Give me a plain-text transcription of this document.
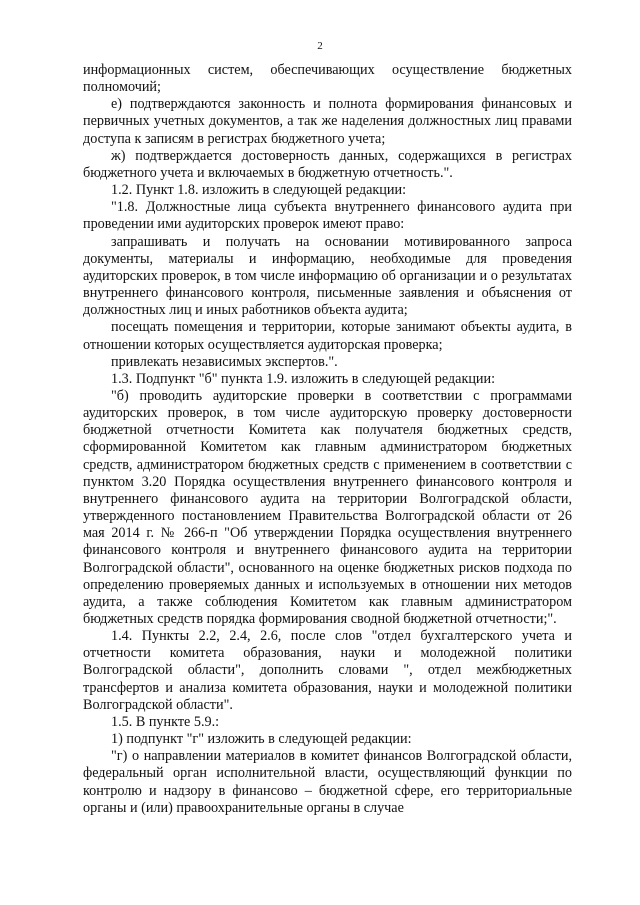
2

информационных систем, обеспечивающих осуществление бюджетных полномочий;

е) подтверждаются законность и полнота формирования финансовых и первичных учетных документов, а так же наделения должностных лиц правами доступа к записям в регистрах бюджетного учета;

ж) подтверждается достоверность данных, содержащихся в регистрах бюджетного учета и включаемых в бюджетную отчетность.".

1.2. Пункт 1.8. изложить в следующей редакции:

"1.8. Должностные лица субъекта внутреннего финансового аудита при проведении ими аудиторских проверок имеют право:

запрашивать и получать на основании мотивированного запроса документы, материалы и информацию, необходимые для проведения аудиторских проверок, в том числе информацию об организации и о результатах внутреннего финансового контроля, письменные заявления и объяснения от должностных лиц и иных работников объекта аудита;

посещать помещения и территории, которые занимают объекты аудита, в отношении которых осуществляется аудиторская проверка;

привлекать независимых экспертов.".

1.3. Подпункт "б" пункта 1.9. изложить в следующей редакции:

"б) проводить аудиторские проверки в соответствии с программами аудиторских проверок, в том числе аудиторскую проверку достоверности бюджетной отчетности Комитета как получателя бюджетных средств, сформированной Комитетом как главным администратором бюджетных средств, администратором бюджетных средств с применением в соответствии с пунктом 3.20 Порядка осуществления внутреннего финансового контроля и внутреннего финансового аудита на территории Волгоградской области, утвержденного постановлением Правительства Волгоградской области от 26 мая 2014 г. № 266-п "Об утверждении Порядка осуществления внутреннего финансового контроля и внутреннего финансового аудита на территории Волгоградской области", основанного на оценке бюджетных рисков подхода по определению проверяемых данных и используемых в отношении них методов аудита, а также соблюдения Комитетом как главным администратором бюджетных средств порядка формирования сводной бюджетной отчетности;".

1.4. Пункты 2.2, 2.4, 2.6, после слов "отдел бухгалтерского учета и отчетности комитета образования, науки и молодежной политики Волгоградской области", дополнить словами ", отдел межбюджетных трансфертов и анализа комитета образования, науки и молодежной политики Волгоградской области".

1.5. В пункте 5.9.:

1) подпункт "г" изложить в следующей редакции:

"г) о направлении материалов в комитет финансов Волгоградской области, федеральный орган исполнительной власти, осуществляющий функции по контролю и надзору в финансово – бюджетной сфере, его территориальные органы и (или) правоохранительные органы в случае
